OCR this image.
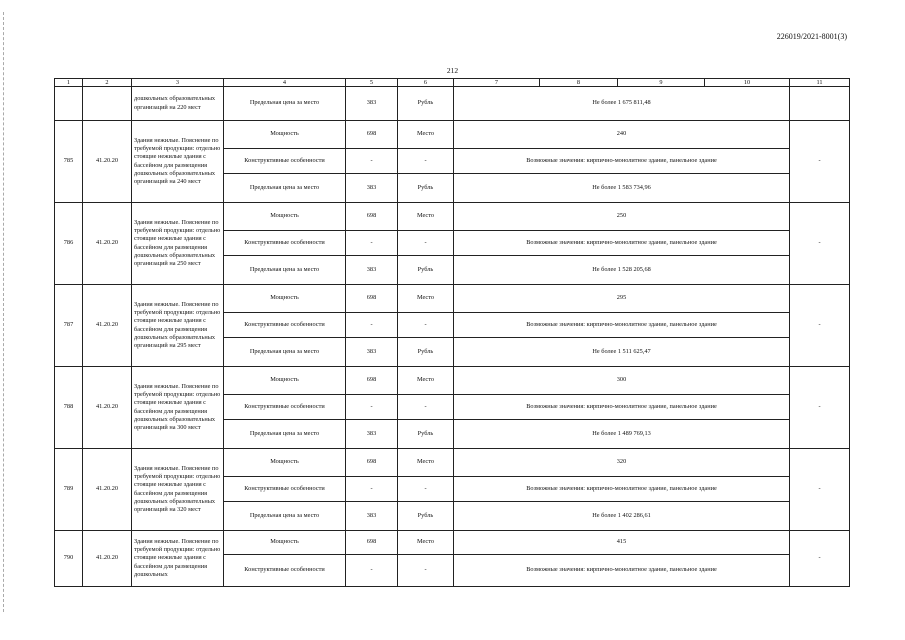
226019/2021-8001(3)
212
1	2	3	4	5	6	7	8	9	10	11
		дошкольных образовательных организаций на 220 мест	Предельная цена за место	383	Рубль	Не более 1 675 811,48				
785	41.20.20	Здания нежилые. Пояснение по требуемой продукции: отдельно стоящие нежилые здания с бассейном для размещения дошкольных образовательных организаций на 240 мест	Мощность	698	Место	240				-
			Конструктивные особенности	-	-	Возможные значения: кирпично-монолитное здание, панельное здание				
			Предельная цена за место	383	Рубль	Не более 1 583 734,96				
786	41.20.20	Здания нежилые. Пояснение по требуемой продукции: отдельно стоящие нежилые здания с бассейном для размещения дошкольных образовательных организаций на 250 мест	Мощность	698	Место	250				-
			Конструктивные особенности	-	-	Возможные значения: кирпично-монолитное здание, панельное здание				
			Предельная цена за место	383	Рубль	Не более 1 528 205,68				
787	41.20.20	Здания нежилые. Пояснение по требуемой продукции: отдельно стоящие нежилые здания с бассейном для размещения дошкольных образовательных организаций на 295 мест	Мощность	698	Место	295				-
			Конструктивные особенности	-	-	Возможные значения: кирпично-монолитное здание, панельное здание				
			Предельная цена за место	383	Рубль	Не более 1 511 625,47				
788	41.20.20	Здания нежилые. Пояснение по требуемой продукции: отдельно стоящие нежилые здания с бассейном для размещения дошкольных образовательных организаций на 300 мест	Мощность	698	Место	300				-
			Конструктивные особенности	-	-	Возможные значения: кирпично-монолитное здание, панельное здание				
			Предельная цена за место	383	Рубль	Не более 1 489 769,13				
789	41.20.20	Здания нежилые. Пояснение по требуемой продукции: отдельно стоящие нежилые здания с бассейном для размещения дошкольных образовательных организаций на 320 мест	Мощность	698	Место	320				-
			Конструктивные особенности	-	-	Возможные значения: кирпично-монолитное здание, панельное здание				
			Предельная цена за место	383	Рубль	Не более 1 402 286,61				
790	41.20.20	Здания нежилые. Пояснение по требуемой продукции: отдельно стоящие нежилые здания с бассейном для размещения дошкольных	Мощность	698	Место	415				-
			Конструктивные особенности	-	-	Возможные значения: кирпично-монолитное здание, панельное здание				
